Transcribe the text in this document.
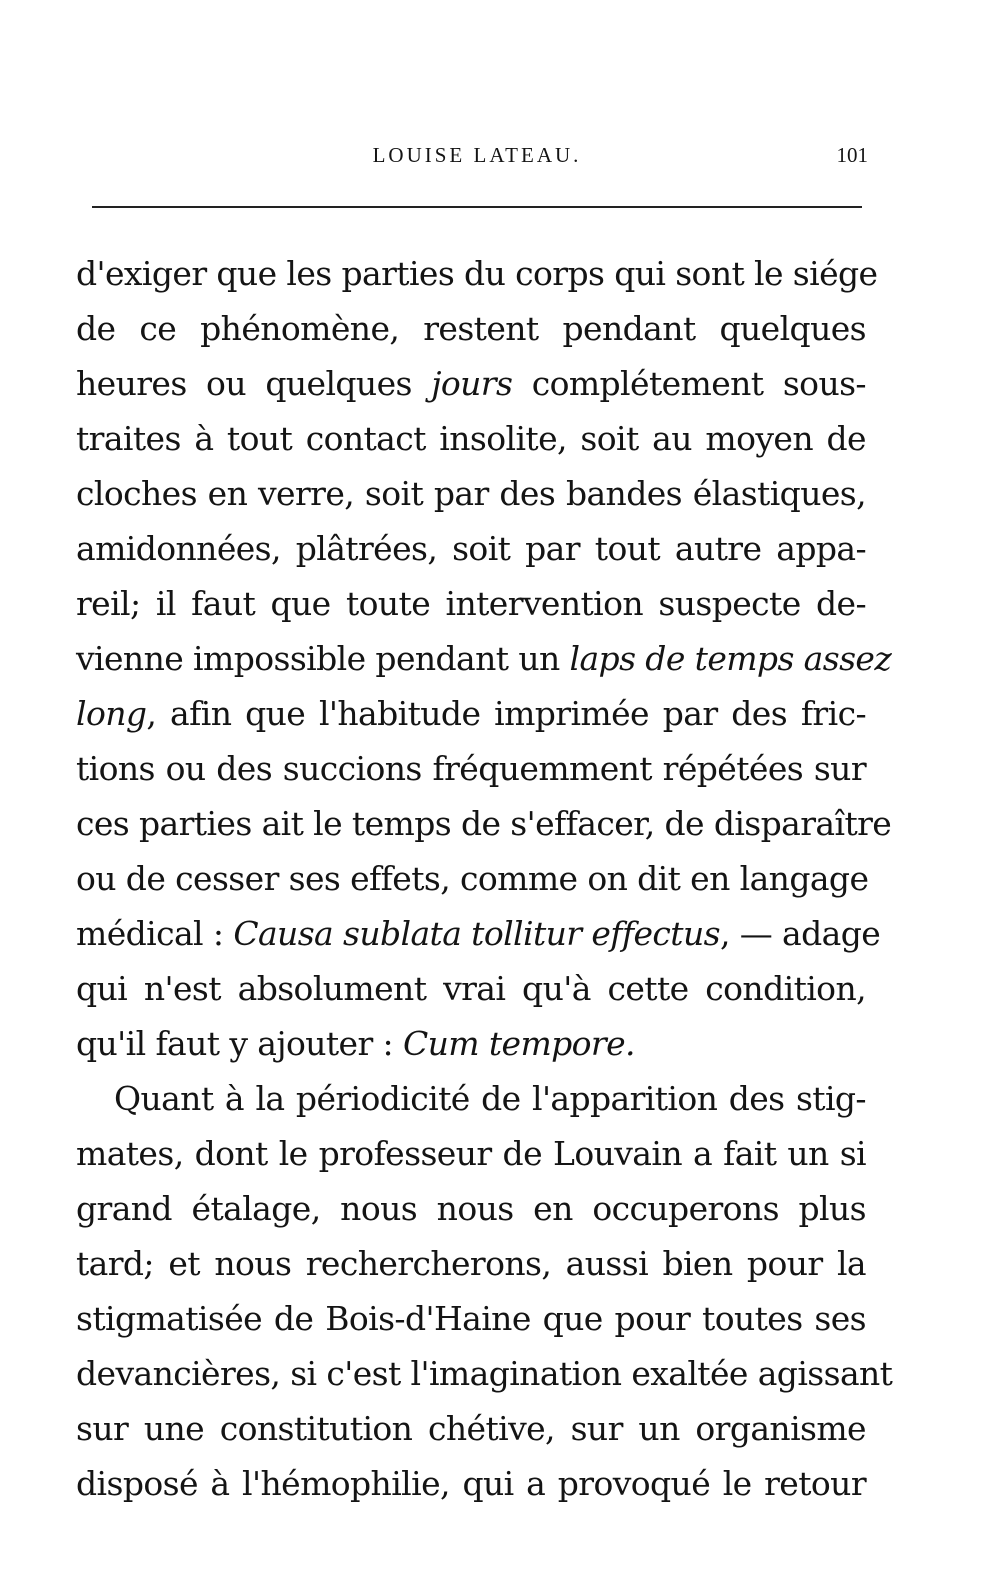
LOUISE LATEAU.	101
d'exiger que les parties du corps qui sont le siége
de ce phénomène, restent pendant quelques
heures ou quelques jours complétement sous-
traites à tout contact insolite, soit au moyen de
cloches en verre, soit par des bandes élastiques,
amidonnées, plâtrées, soit par tout autre appa-
reil; il faut que toute intervention suspecte de-
vienne impossible pendant un laps de temps assez
long, afin que l'habitude imprimée par des fric-
tions ou des succions fréquemment répétées sur
ces parties ait le temps de s'effacer, de disparaître
ou de cesser ses effets, comme on dit en langage
médical : Causa sublata tollitur effectus, — adage
qui n'est absolument vrai qu'à cette condition,
qu'il faut y ajouter : Cum tempore.
Quant à la périodicité de l'apparition des stig-
mates, dont le professeur de Louvain a fait un si
grand étalage, nous nous en occuperons plus
tard; et nous rechercherons, aussi bien pour la
stigmatisée de Bois-d'Haine que pour toutes ses
devancières, si c'est l'imagination exaltée agissant
sur une constitution chétive, sur un organisme
disposé à l'hémophilie, qui a provoqué le retour
